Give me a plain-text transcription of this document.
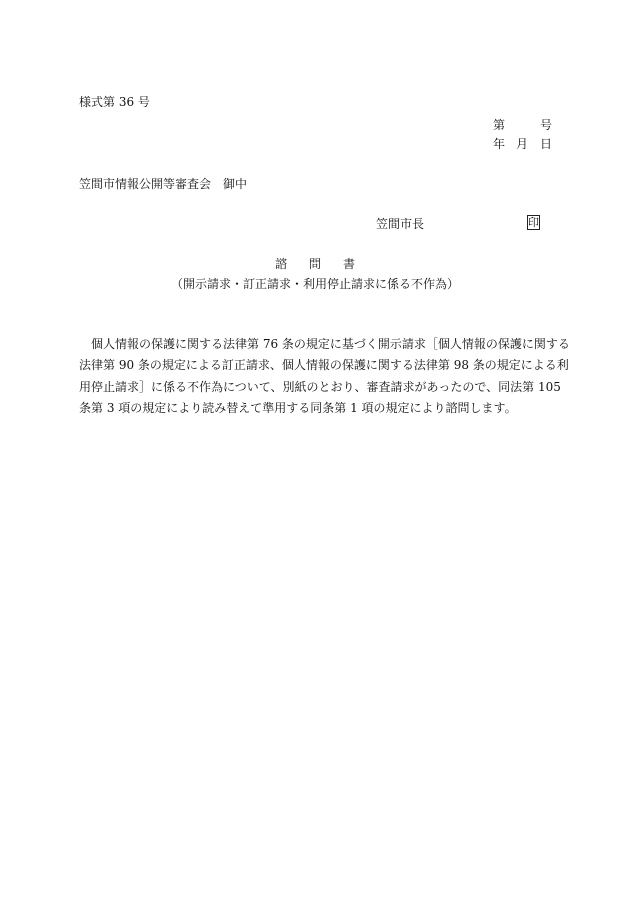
様式第 36 号
第	号
年 月 日
笠間市情報公開等審査会　御中
笠間市長	印
諮問書
（開示請求・訂正請求・利用停止請求に係る不作為）
個人情報の保護に関する法律第 76 条の規定に基づく開示請求［個人情報の保護に関する
法律第 90 条の規定による訂正請求、個人情報の保護に関する法律第 98 条の規定による利
用停止請求］に係る不作為について、別紙のとおり、審査請求があったので、同法第 105
条第 3 項の規定により読み替えて準用する同条第 1 項の規定により諮問します。
